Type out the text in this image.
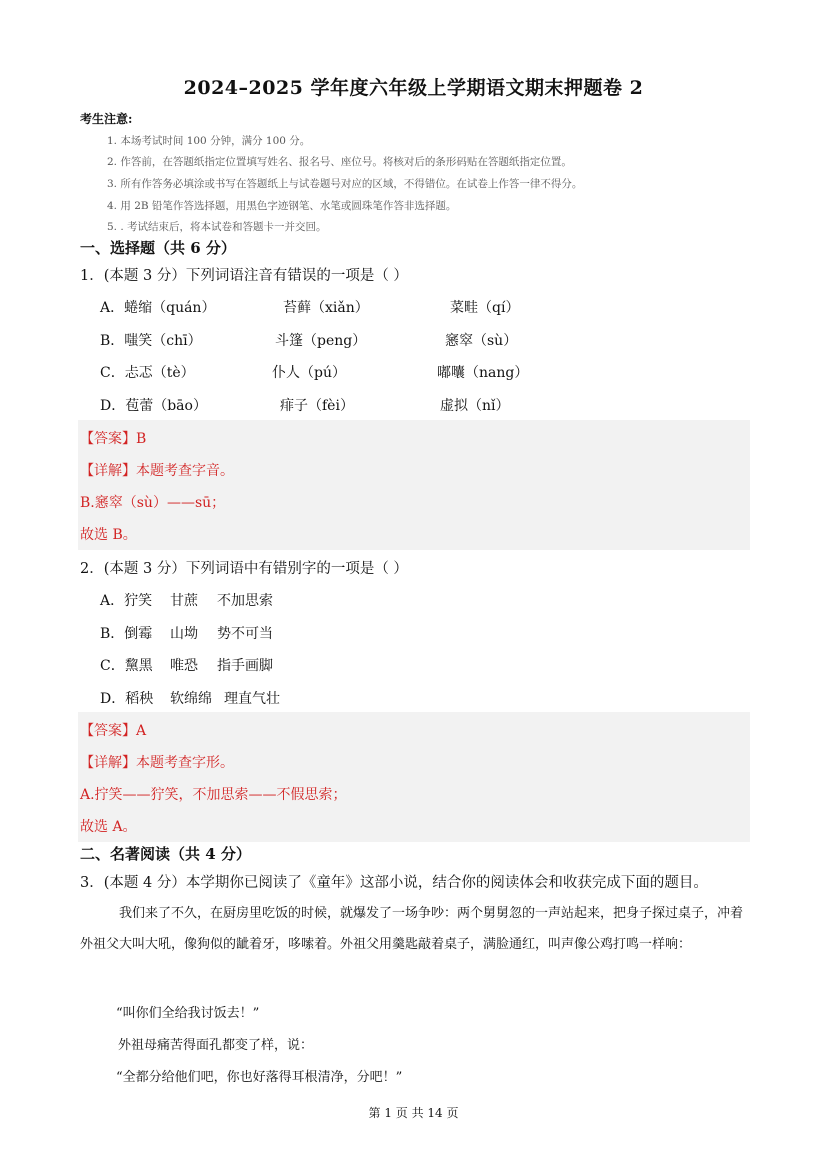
2024–2025 学年度六年级上学期语文期末押题卷 2
考生注意:
1. 本场考试时间 100 分钟，满分 100 分。
2. 作答前，在答题纸指定位置填写姓名、报名号、座位号。将核对后的条形码贴在答题纸指定位置。
3. 所有作答务必填涂或书写在答题纸上与试卷题号对应的区域，不得错位。在试卷上作答一律不得分。
4. 用 2B 铅笔作答选择题，用黑色字迹钢笔、水笔或圆珠笔作答非选择题。
5. . 考试结束后，将本试卷和答题卡一并交回。
一、选择题（共 6 分）
1．(本题 3 分）下列词语注音有错误的一项是（ ）
A．蜷缩（quán）	苔藓（xiǎn）	菜畦（qí）
B．嗤笑（chī）	斗篷（peng）	窸窣（sù）
C．忐忑（tè）	仆人（pú）	嘟囔（nang）
D．苞蕾（bāo）	痱子（fèi）	虚拟（nǐ）
【答案】B
【详解】本题考查字音。
B.窸窣（sù）——sū；
故选 B。
2．(本题 3 分）下列词语中有错别字的一项是（ ）
A．狞笑 甘蔗 不加思索
B．倒霉 山坳 势不可当
C．黧黑 唯恐 指手画脚
D．稻秧 软绵绵 理直气壮
【答案】A
【详解】本题考查字形。
A.拧笑——狞笑，不加思索——不假思索；
故选 A。
二、名著阅读（共 4 分）
3．(本题 4 分）本学期你已阅读了《童年》这部小说，结合你的阅读体会和收获完成下面的题目。
我们来了不久，在厨房里吃饭的时候，就爆发了一场争吵：两个舅舅忽的一声站起来，把身子探过桌子，冲着外祖父大叫大吼，像狗似的龇着牙，哆嗦着。外祖父用羹匙敲着桌子，满脸通红，叫声像公鸡打鸣一样响：
“叫你们全给我讨饭去！”
外祖母痛苦得面孔都变了样，说：
“全都分给他们吧，你也好落得耳根清净，分吧！”
第 1 页 共 14 页
